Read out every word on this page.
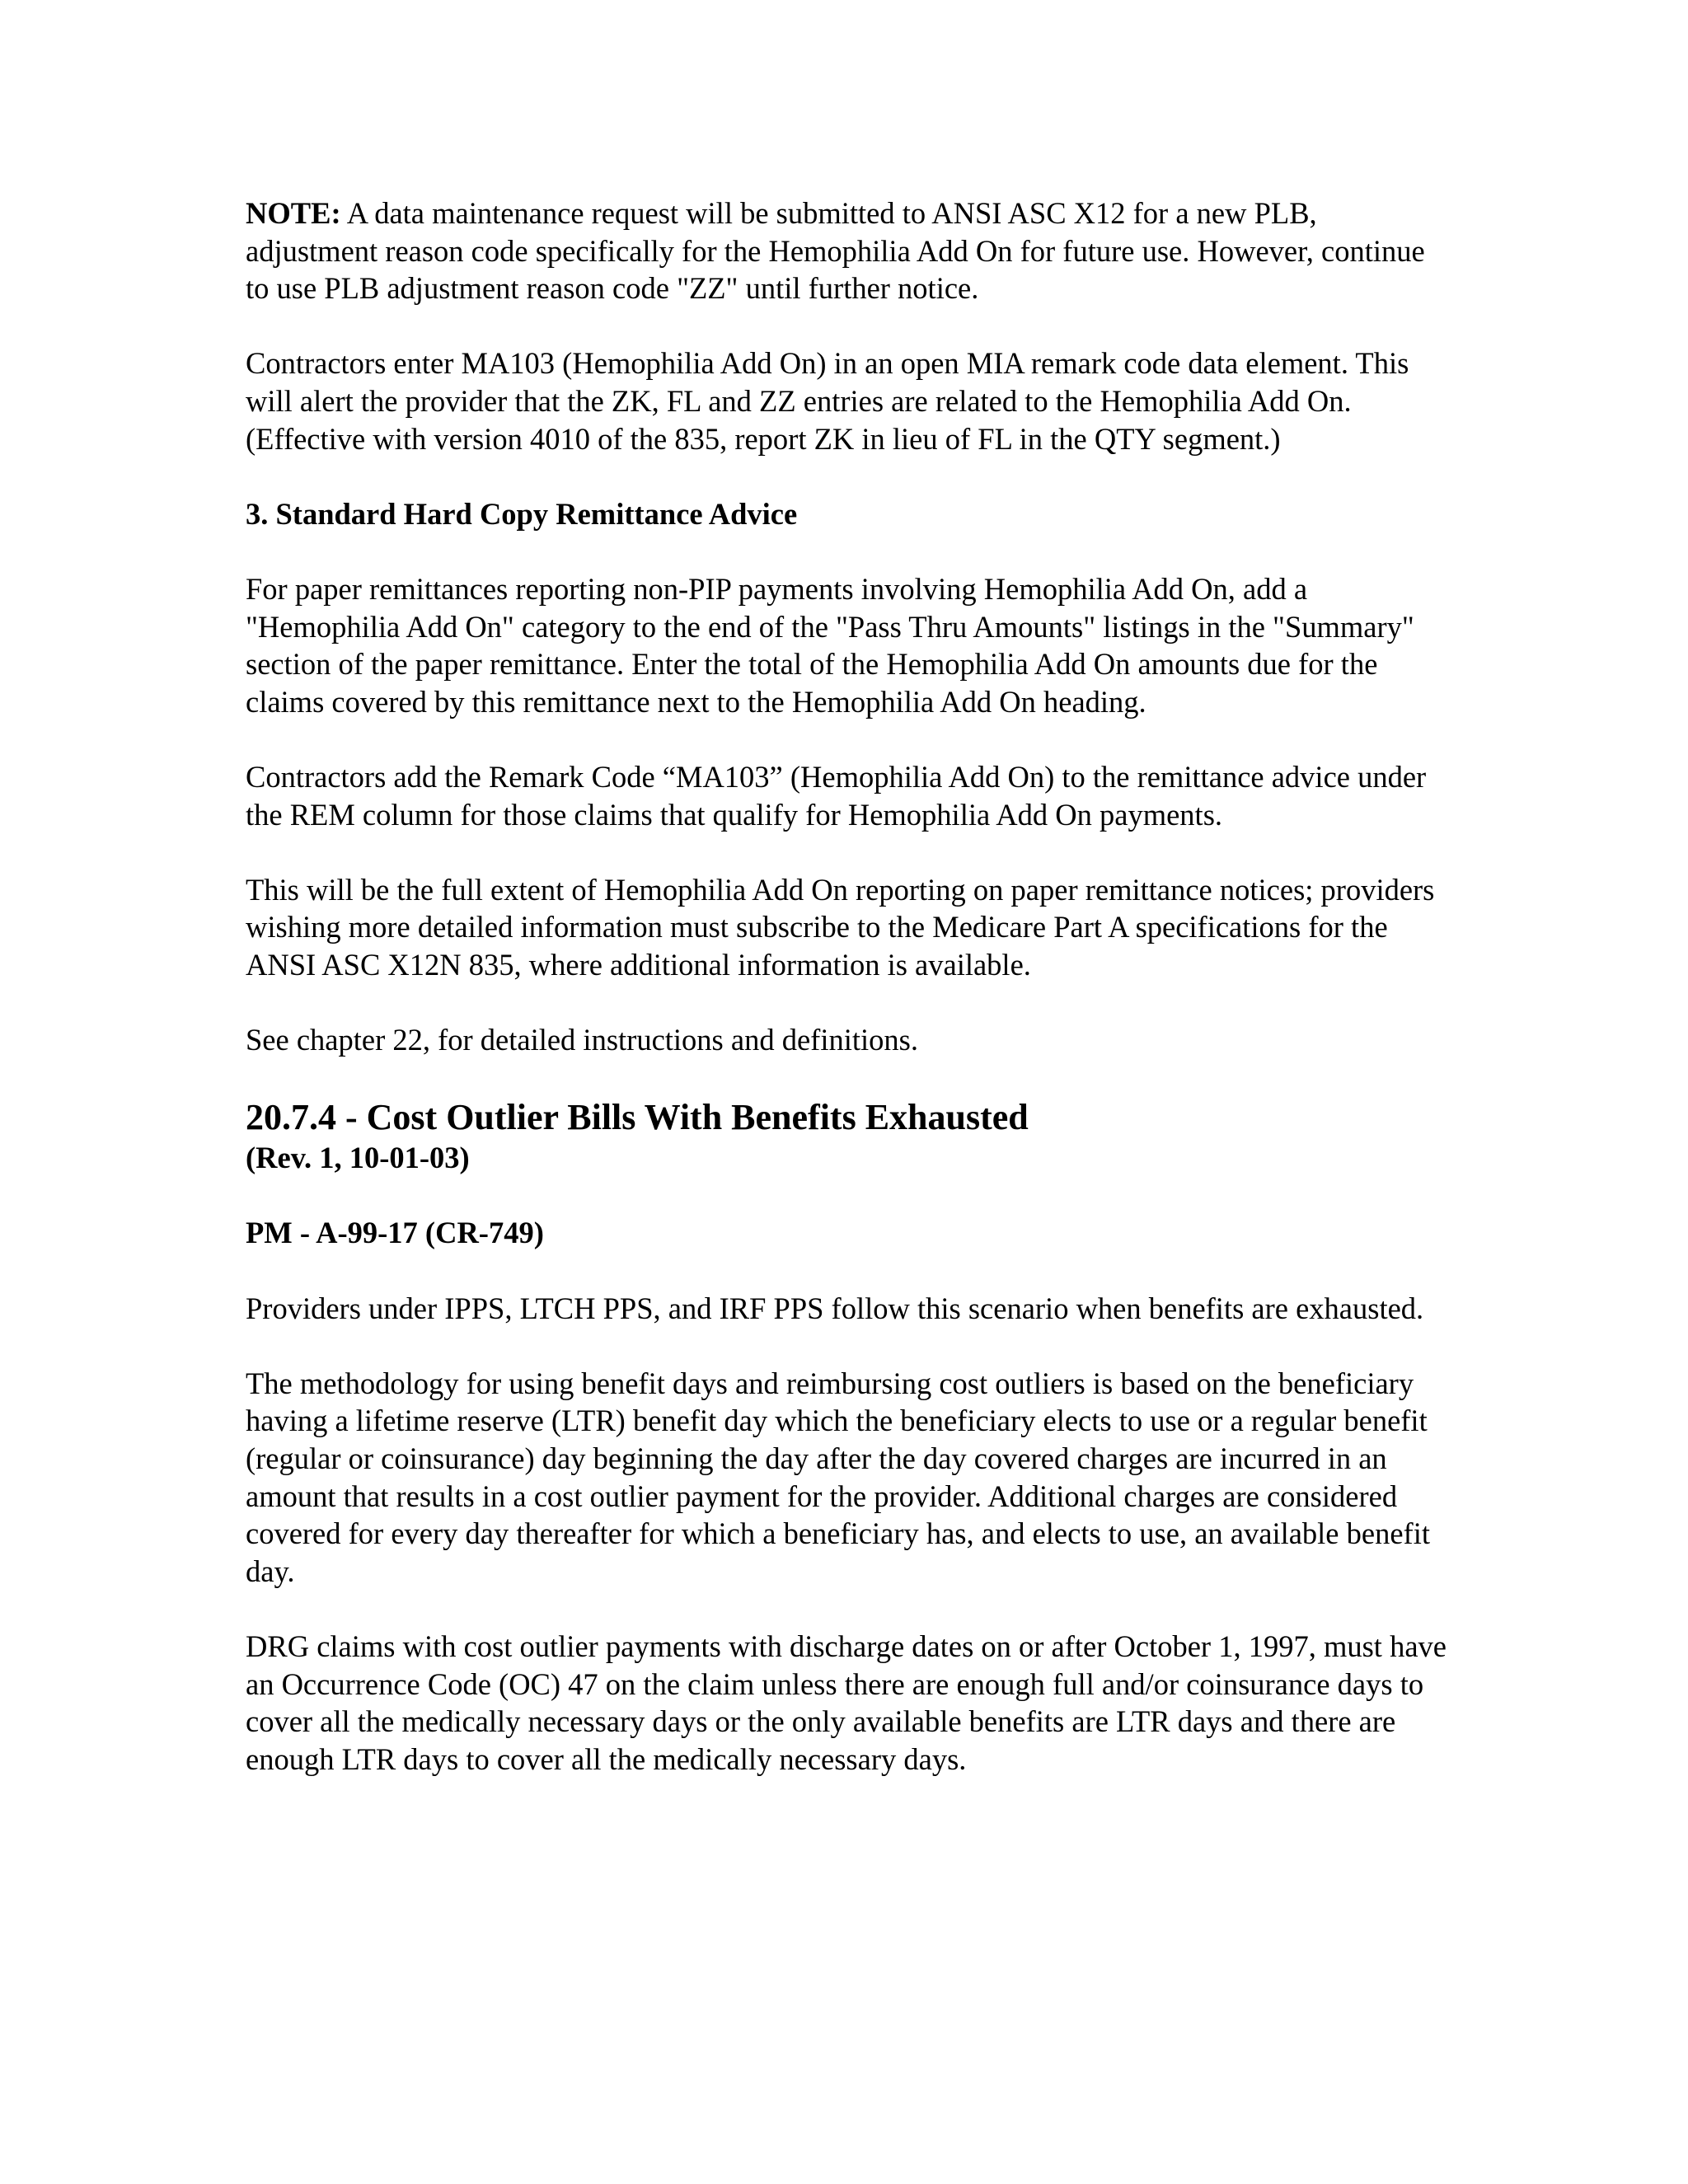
NOTE: A data maintenance request will be submitted to ANSI ASC X12 for a new PLB, adjustment reason code specifically for the Hemophilia Add On for future use. However, continue to use PLB adjustment reason code "ZZ" until further notice.

Contractors enter MA103 (Hemophilia Add On) in an open MIA remark code data element. This will alert the provider that the ZK, FL and ZZ entries are related to the Hemophilia Add On. (Effective with version 4010 of the 835, report ZK in lieu of FL in the QTY segment.)

3. Standard Hard Copy Remittance Advice

For paper remittances reporting non-PIP payments involving Hemophilia Add On, add a "Hemophilia Add On" category to the end of the "Pass Thru Amounts" listings in the "Summary" section of the paper remittance. Enter the total of the Hemophilia Add On amounts due for the claims covered by this remittance next to the Hemophilia Add On heading.

Contractors add the Remark Code “MA103” (Hemophilia Add On) to the remittance advice under the REM column for those claims that qualify for Hemophilia Add On payments.

This will be the full extent of Hemophilia Add On reporting on paper remittance notices; providers wishing more detailed information must subscribe to the Medicare Part A specifications for the ANSI ASC X12N 835, where additional information is available.

See chapter 22, for detailed instructions and definitions.

20.7.4 - Cost Outlier Bills With Benefits Exhausted
(Rev. 1, 10-01-03)

PM - A-99-17 (CR-749)

Providers under IPPS, LTCH PPS, and IRF PPS follow this scenario when benefits are exhausted.

The methodology for using benefit days and reimbursing cost outliers is based on the beneficiary having a lifetime reserve (LTR) benefit day which the beneficiary elects to use or a regular benefit (regular or coinsurance) day beginning the day after the day covered charges are incurred in an amount that results in a cost outlier payment for the provider. Additional charges are considered covered for every day thereafter for which a beneficiary has, and elects to use, an available benefit day.

DRG claims with cost outlier payments with discharge dates on or after October 1, 1997, must have an Occurrence Code (OC) 47 on the claim unless there are enough full and/or coinsurance days to cover all the medically necessary days or the only available benefits are LTR days and there are enough LTR days to cover all the medically necessary days.
